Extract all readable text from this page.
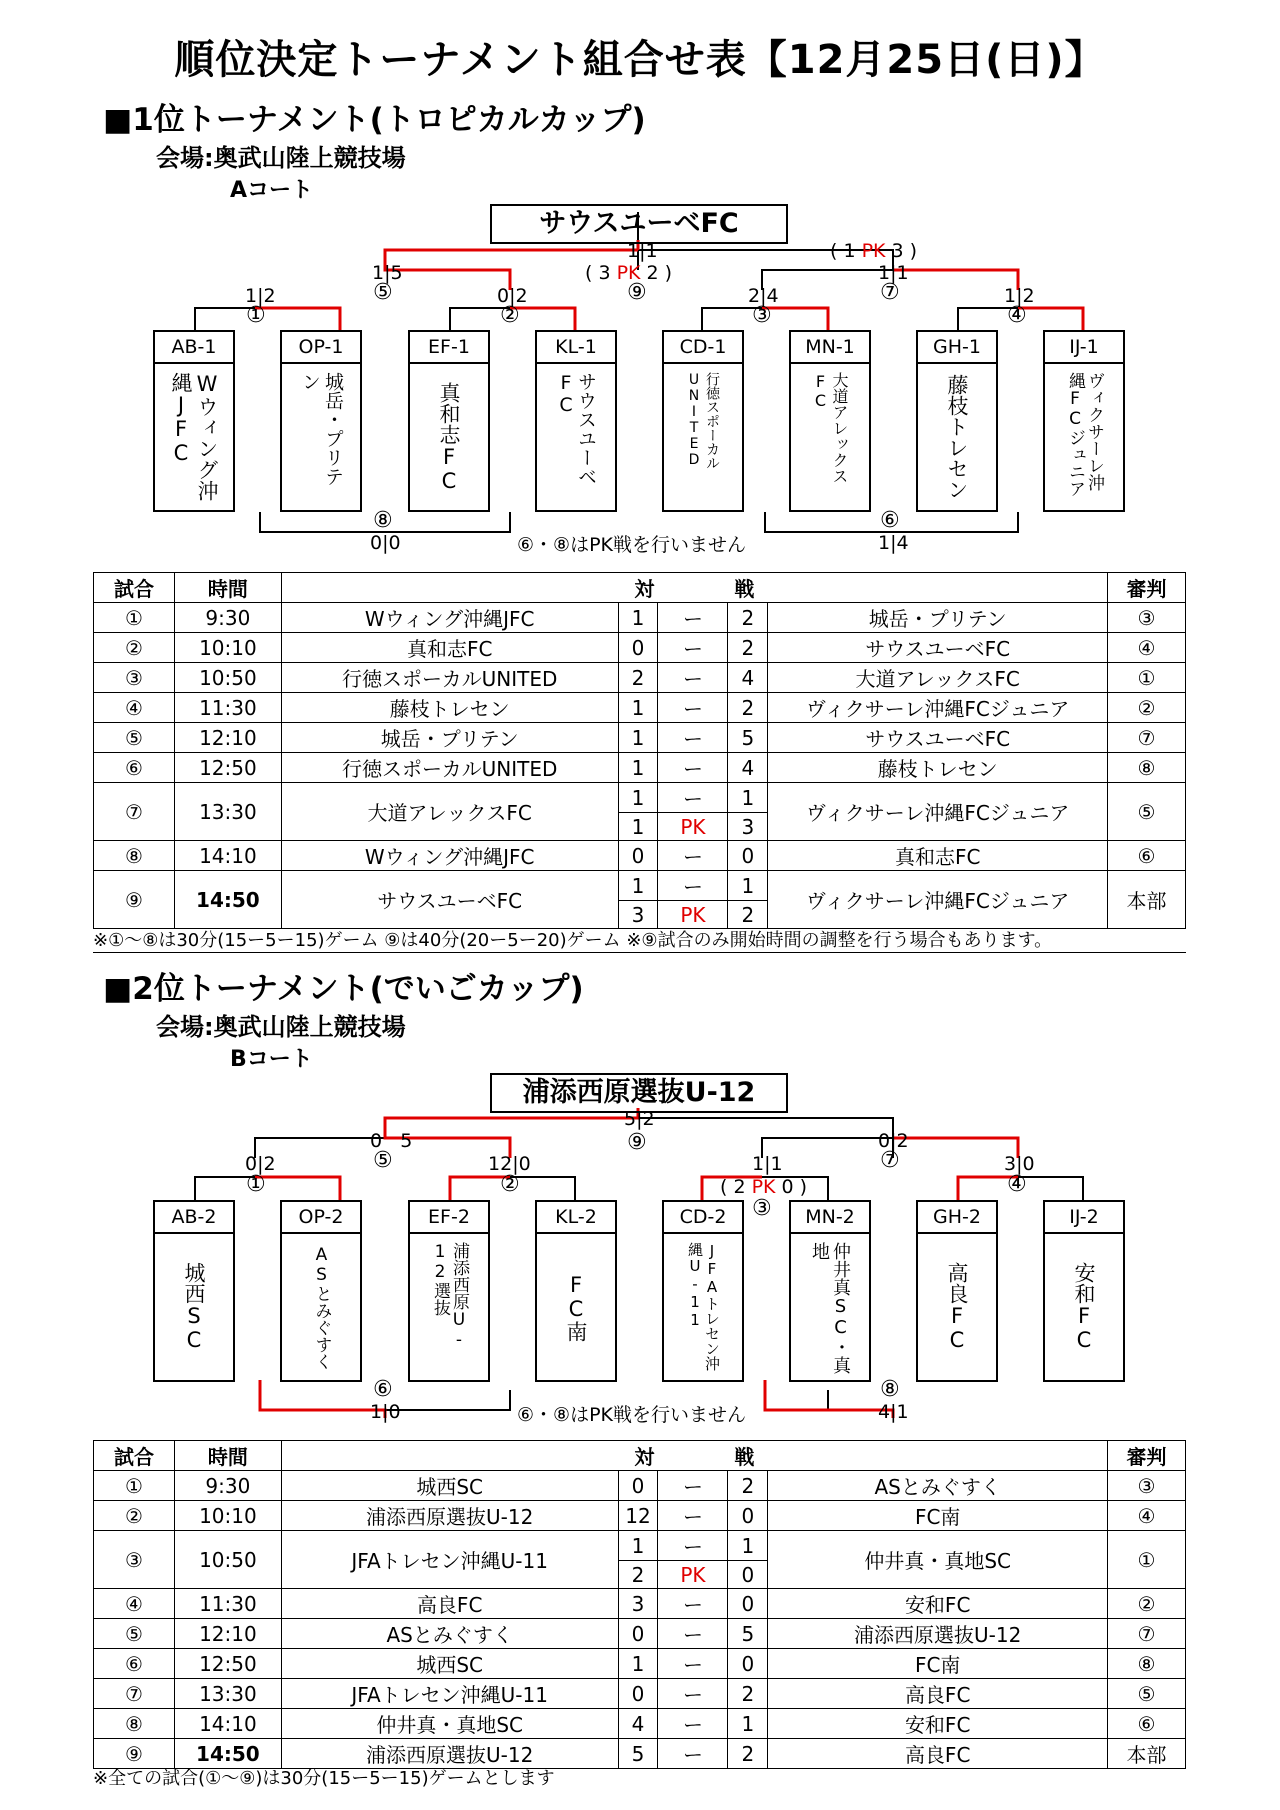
順位決定トーナメント組合せ表【12月25日(日)】
■1位トーナメント(トロピカルカップ)
会場:奥武山陸上競技場
Aコート
サウスユーベFC
1|1	( 1 PK 3 )
( 3 PK 2 )
1|5	1|1
1|2	0|2	2|4	1|2
⑤	⑨	⑦
①	②	③	④
AB-1
Wウィング沖縄JFC
OP-1
城岳・プリテン
EF-1
真和志FC
KL-1
サウスユーベFC
CD-1
行徳スポーカルUNITED
MN-1
大道アレックスFC
GH-1
藤枝トレセン
IJ-1
ヴィクサーレ沖縄FCジュニア
⑧	⑥
0|0	1|4
⑥・⑧はPK戦を行いません
試合	時間	対 戦					審判
①	9:30	Wウィング沖縄JFC	1	ー	2	城岳・プリテン	③
②	10:10	真和志FC	0	ー	2	サウスユーベFC	④
③	10:50	行徳スポーカルUNITED	2	ー	4	大道アレックスFC	①
④	11:30	藤枝トレセン	1	ー	2	ヴィクサーレ沖縄FCジュニア	②
⑤	12:10	城岳・プリテン	1	ー	5	サウスユーベFC	⑦
⑥	12:50	行徳スポーカルUNITED	1	ー	4	藤枝トレセン	⑧
⑦	13:30	大道アレックスFC	1	ー	1	ヴィクサーレ沖縄FCジュニア	⑤
			1	PK	3		
⑧	14:10	Wウィング沖縄JFC	0	ー	0	真和志FC	⑥
⑨	14:50	サウスユーベFC	1	ー	1	ヴィクサーレ沖縄FCジュニア	本部
			3	PK	2		
※①～⑧は30分(15ー5ー15)ゲーム ⑨は40分(20ー5ー20)ゲーム ※⑨試合のみ開始時間の調整を行う場合もあります。
■2位トーナメント(でいごカップ)
会場:奥武山陸上競技場
Bコート
浦添西原選抜U-12
5|2
0 5	0|2
0|2	12|0	1|1	3|0
( 2 PK 0 )
⑤
⑨
⑦
①	②
③
④
AB-2
城西SC
OP-2
ASとみぐすく
EF-2
浦添西原U-12選抜
KL-2
FC南
CD-2
JFAトレセン沖縄U-11
MN-2
仲井真SC・真地
GH-2
高良FC
IJ-2
安和FC
⑥	⑧
1|0	4|1
⑥・⑧はPK戦を行いません
試合	時間	対 戦					審判
①	9:30	城西SC	0	ー	2	ASとみぐすく	③
②	10:10	浦添西原選抜U-12	12	ー	0	FC南	④
③	10:50	JFAトレセン沖縄U-11	1	ー	1	仲井真・真地SC	①
			2	PK	0		
④	11:30	高良FC	3	ー	0	安和FC	②
⑤	12:10	ASとみぐすく	0	ー	5	浦添西原選抜U-12	⑦
⑥	12:50	城西SC	1	ー	0	FC南	⑧
⑦	13:30	JFAトレセン沖縄U-11	0	ー	2	高良FC	⑤
⑧	14:10	仲井真・真地SC	4	ー	1	安和FC	⑥
⑨	14:50	浦添西原選抜U-12	5	ー	2	高良FC	本部
※全ての試合(①～⑨)は30分(15ー5ー15)ゲームとします
